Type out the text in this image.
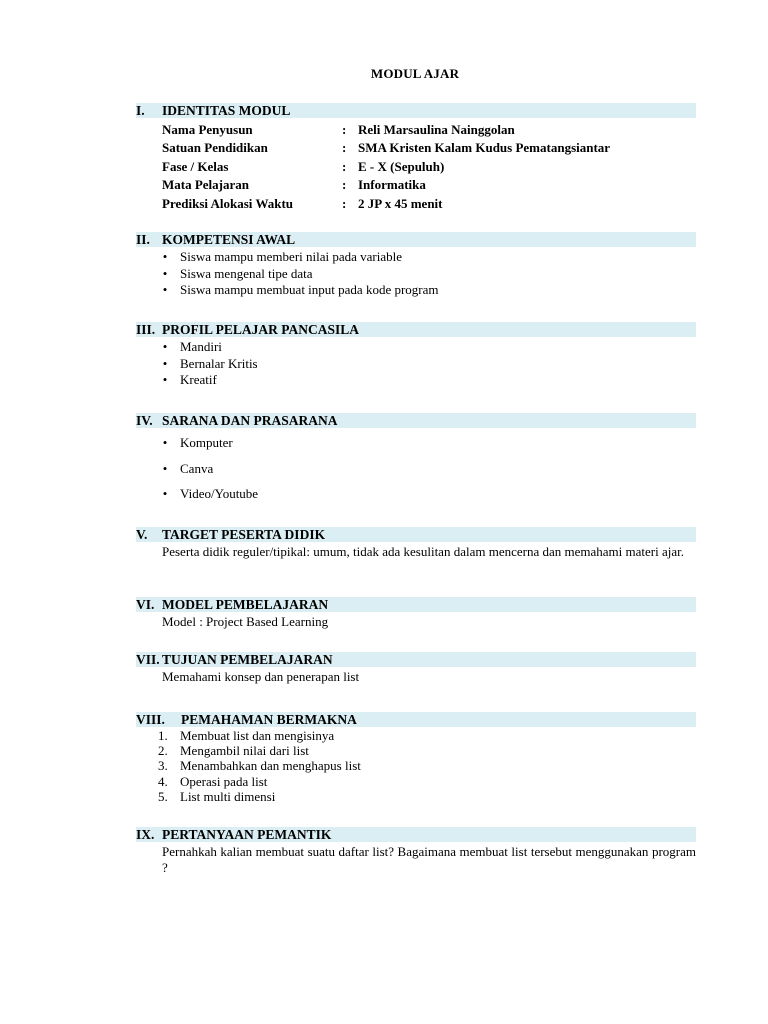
MODUL AJAR
I.	IDENTITAS MODUL
Nama Penyusun	: Reli Marsaulina Nainggolan
Satuan Pendidikan	: SMA Kristen Kalam Kudus Pematangsiantar
Fase / Kelas	: E - X (Sepuluh)
Mata Pelajaran	: Informatika
Prediksi Alokasi Waktu	: 2 JP x 45 menit
II. KOMPETENSI AWAL
• Siswa mampu memberi nilai pada variable
• Siswa mengenal tipe data
• Siswa mampu membuat input pada kode program
III. PROFIL PELAJAR PANCASILA
• Mandiri
• Bernalar Kritis
• Kreatif
IV. SARANA DAN PRASARANA
• Komputer
• Canva
• Video/Youtube
V.	TARGET PESERTA DIDIK
Peserta didik reguler/tipikal: umum, tidak ada kesulitan dalam mencerna dan memahami materi ajar.
VI. MODEL PEMBELAJARAN
Model : Project Based Learning
VII. TUJUAN PEMBELAJARAN
Memahami konsep dan penerapan list
VIII.	PEMAHAMAN BERMAKNA
1. Membuat list dan mengisinya
2. Mengambil nilai dari list
3. Menambahkan dan menghapus list
4. Operasi pada list
5. List multi dimensi
IX. PERTANYAAN PEMANTIK
Pernahkah kalian membuat suatu daftar list? Bagaimana membuat list tersebut menggunakan program ?
